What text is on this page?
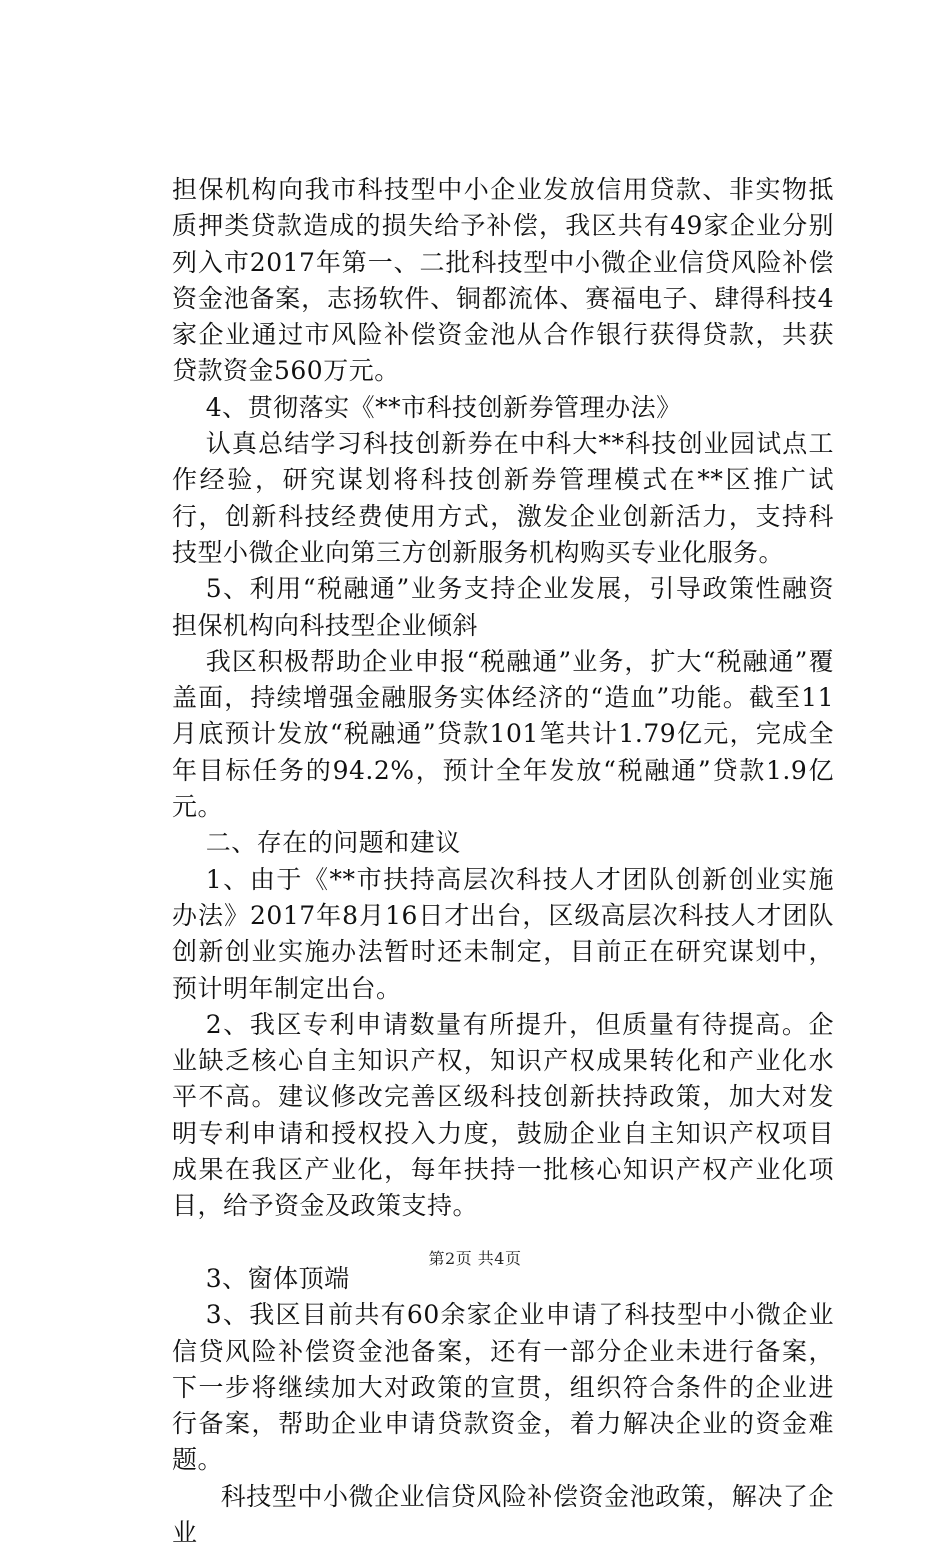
担保机构向我市科技型中小企业发放信用贷款、非实物抵质押类贷款造成的损失给予补偿，我区共有49家企业分别列入市2017年第一、二批科技型中小微企业信贷风险补偿资金池备案，志扬软件、铜都流体、赛福电子、肆得科技4家企业通过市风险补偿资金池从合作银行获得贷款，共获贷款资金560万元。

4、贯彻落实《**市科技创新券管理办法》

认真总结学习科技创新券在中科大**科技创业园试点工作经验，研究谋划将科技创新券管理模式在**区推广试行，创新科技经费使用方式，激发企业创新活力，支持科技型小微企业向第三方创新服务机构购买专业化服务。

5、利用“税融通”业务支持企业发展，引导政策性融资担保机构向科技型企业倾斜

我区积极帮助企业申报“税融通”业务，扩大“税融通”覆盖面，持续增强金融服务实体经济的“造血”功能。截至11月底预计发放“税融通”贷款101笔共计1.79亿元，完成全年目标任务的94.2%，预计全年发放“税融通”贷款1.9亿元。

二、存在的问题和建议

1、由于《**市扶持高层次科技人才团队创新创业实施办法》2017年8月16日才出台，区级高层次科技人才团队创新创业实施办法暂时还未制定，目前正在研究谋划中，预计明年制定出台。

2、我区专利申请数量有所提升，但质量有待提高。企业缺乏核心自主知识产权，知识产权成果转化和产业化水平不高。建议修改完善区级科技创新扶持政策，加大对发明专利申请和授权投入力度，鼓励企业自主知识产权项目成果在我区产业化，每年扶持一批核心知识产权产业化项目，给予资金及政策支持。

3、窗体顶端

3、我区目前共有60余家企业申请了科技型中小微企业信贷风险补偿资金池备案，还有一部分企业未进行备案，下一步将继续加大对政策的宣贯，组织符合条件的企业进行备案，帮助企业申请贷款资金，着力解决企业的资金难题。

科技型中小微企业信贷风险补偿资金池政策，解决了企业

第2页 共4页
